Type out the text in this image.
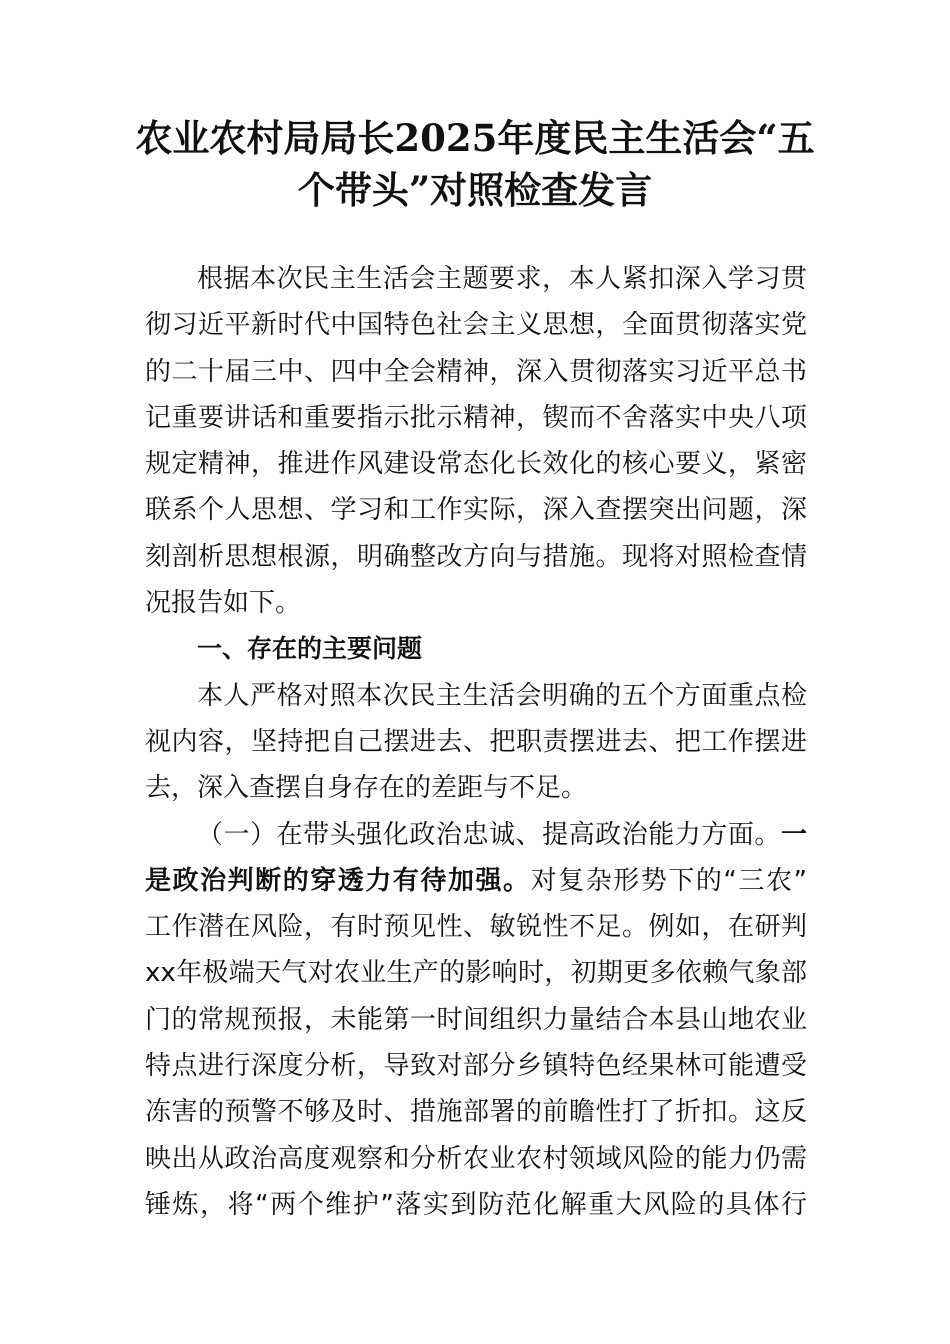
农业农村局局长2025年度民主生活会“五
个带头”对照检查发言
根据本次民主生活会主题要求，本人紧扣深入学习贯
彻习近平新时代中国特色社会主义思想，全面贯彻落实党
的二十届三中、四中全会精神，深入贯彻落实习近平总书
记重要讲话和重要指示批示精神，锲而不舍落实中央八项
规定精神，推进作风建设常态化长效化的核心要义，紧密
联系个人思想、学习和工作实际，深入查摆突出问题，深
刻剖析思想根源，明确整改方向与措施。现将对照检查情
况报告如下。
一、存在的主要问题
本人严格对照本次民主生活会明确的五个方面重点检
视内容，坚持把自己摆进去、把职责摆进去、把工作摆进
去，深入查摆自身存在的差距与不足。
（一）在带头强化政治忠诚、提高政治能力方面。一
是政治判断的穿透力有待加强。对复杂形势下的“三农”
工作潜在风险，有时预见性、敏锐性不足。例如，在研判
xx年极端天气对农业生产的影响时，初期更多依赖气象部
门的常规预报，未能第一时间组织力量结合本县山地农业
特点进行深度分析，导致对部分乡镇特色经果林可能遭受
冻害的预警不够及时、措施部署的前瞻性打了折扣。这反
映出从政治高度观察和分析农业农村领域风险的能力仍需
锤炼，将“两个维护”落实到防范化解重大风险的具体行
